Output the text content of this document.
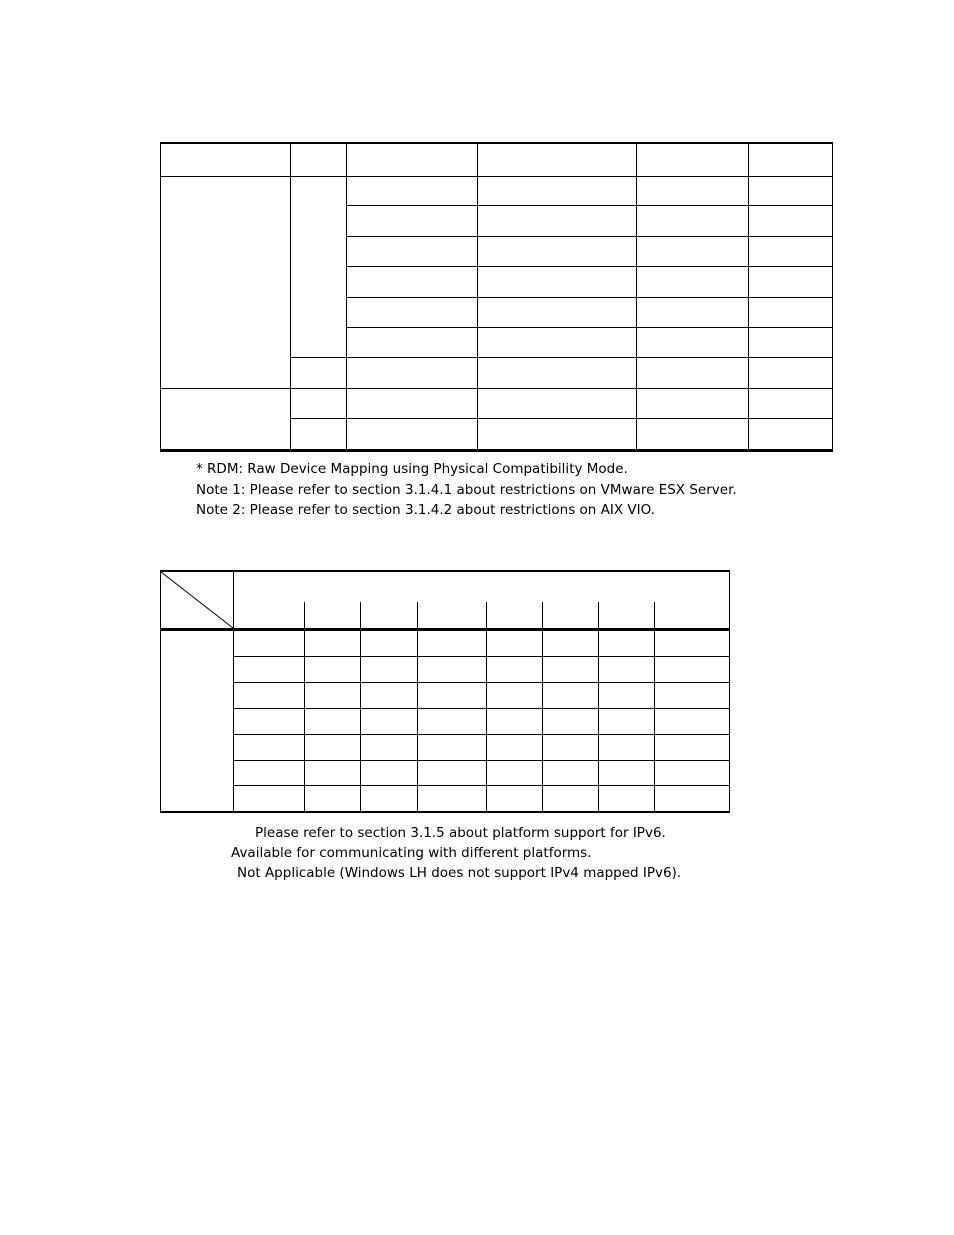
* RDM: Raw Device Mapping using Physical Compatibility Mode.
Note 1: Please refer to section 3.1.4.1 about restrictions on VMware ESX Server.
Note 2: Please refer to section 3.1.4.2 about restrictions on AIX VIO.
Please refer to section 3.1.5 about platform support for IPv6.
Available for communicating with different platforms.
Not Applicable (Windows LH does not support IPv4 mapped IPv6).
